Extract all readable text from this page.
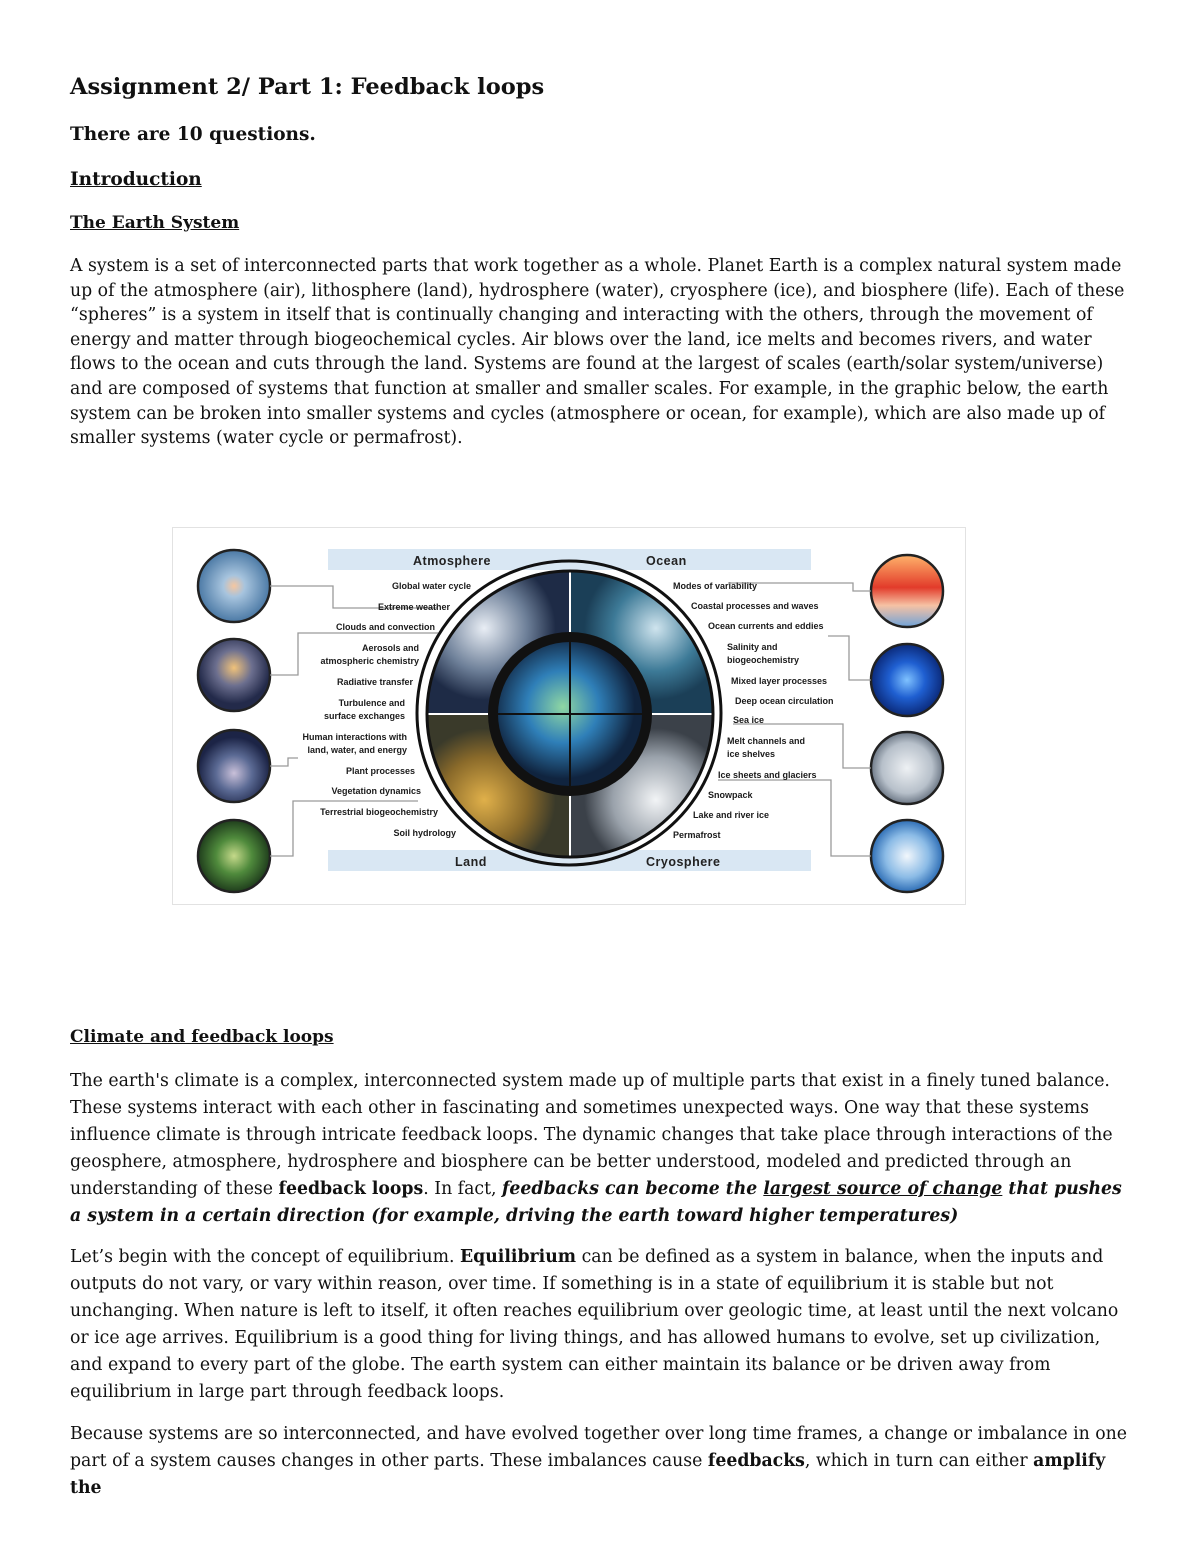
Assignment 2/ Part 1: Feedback loops
There are 10 questions.
Introduction
The Earth System

A system is a set of interconnected parts that work together as a whole. Planet Earth is a complex natural system made up of the atmosphere (air), lithosphere (land), hydrosphere (water), cryosphere (ice), and biosphere (life). Each of these “spheres” is a system in itself that is continually changing and interacting with the others, through the movement of energy and matter through biogeochemical cycles. Air blows over the land, ice melts and becomes rivers, and water flows to the ocean and cuts through the land. Systems are found at the largest of scales (earth/solar system/universe) and are composed of systems that function at smaller and smaller scales. For example, in the graphic below, the earth system can be broken into smaller systems and cycles (atmosphere or ocean, for example), which are also made up of smaller systems (water cycle or permafrost).

Atmosphere	Ocean
Land	Cryosphere
Global water cycle
Extreme weather
Clouds and convection
Aerosols and
atmospheric chemistry
Radiative transfer
Turbulence and
surface exchanges
Human interactions with
land, water, and energy
Plant processes
Vegetation dynamics
Terrestrial biogeochemistry
Soil hydrology
Modes of variability
Coastal processes and waves
Ocean currents and eddies
Salinity and
biogeochemistry
Mixed layer processes
Deep ocean circulation
Sea ice
Melt channels and
ice shelves
Ice sheets and glaciers
Snowpack
Lake and river ice
Permafrost
Climate and feedback loops

The earth's climate is a complex, interconnected system made up of multiple parts that exist in a finely tuned balance. These systems interact with each other in fascinating and sometimes unexpected ways. One way that these systems influence climate is through intricate feedback loops. The dynamic changes that take place through interactions of the geosphere, atmosphere, hydrosphere and biosphere can be better understood, modeled and predicted through an understanding of these feedback loops. In fact, feedbacks can become the largest source of change that pushes a system in a certain direction (for example, driving the earth toward higher temperatures)

Let’s begin with the concept of equilibrium. Equilibrium can be defined as a system in balance, when the inputs and outputs do not vary, or vary within reason, over time. If something is in a state of equilibrium it is stable but not unchanging. When nature is left to itself, it often reaches equilibrium over geologic time, at least until the next volcano or ice age arrives. Equilibrium is a good thing for living things, and has allowed humans to evolve, set up civilization, and expand to every part of the globe. The earth system can either maintain its balance or be driven away from equilibrium in large part through feedback loops.

Because systems are so interconnected, and have evolved together over long time frames, a change or imbalance in one part of a system causes changes in other parts. These imbalances cause feedbacks, which in turn can either amplify the
